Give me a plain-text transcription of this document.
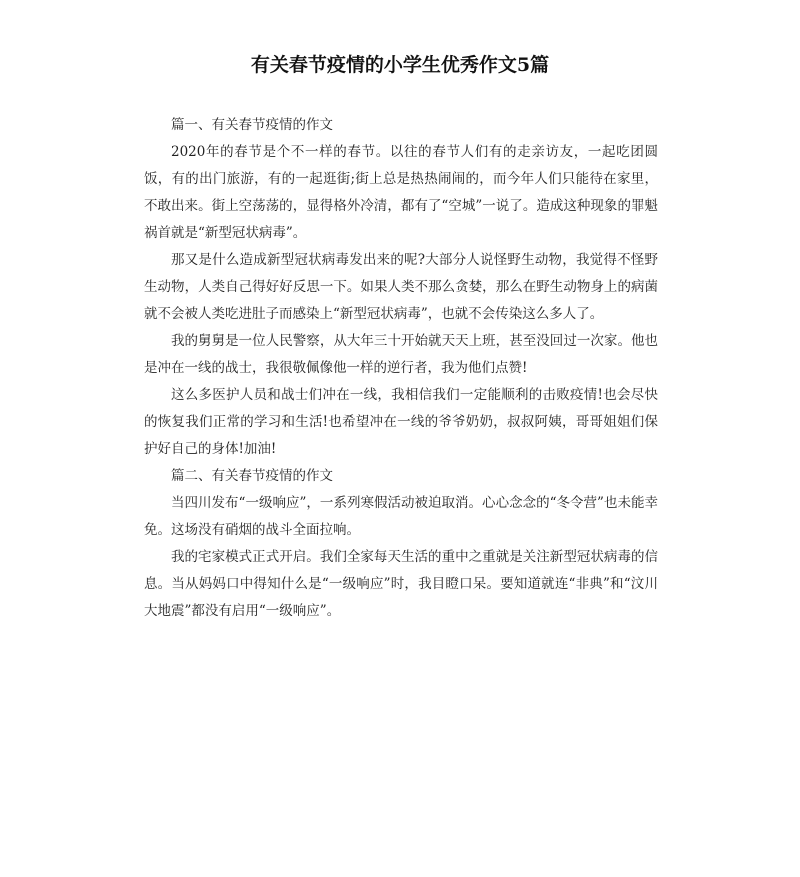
有关春节疫情的小学生优秀作文5篇

篇一、有关春节疫情的作文

2020年的春节是个不一样的春节。以往的春节人们有的走亲访友，一起吃团圆饭，有的出门旅游，有的一起逛街;街上总是热热闹闹的，而今年人们只能待在家里，不敢出来。街上空荡荡的，显得格外冷清，都有了“空城”一说了。造成这种现象的罪魁祸首就是“新型冠状病毒”。

那又是什么造成新型冠状病毒发出来的呢?大部分人说怪野生动物，我觉得不怪野生动物，人类自己得好好反思一下。如果人类不那么贪婪，那么在野生动物身上的病菌就不会被人类吃进肚子而感染上“新型冠状病毒”，也就不会传染这么多人了。

我的舅舅是一位人民警察，从大年三十开始就天天上班，甚至没回过一次家。他也是冲在一线的战士，我很敬佩像他一样的逆行者，我为他们点赞!

这么多医护人员和战士们冲在一线，我相信我们一定能顺利的击败疫情!也会尽快的恢复我们正常的学习和生活!也希望冲在一线的爷爷奶奶，叔叔阿姨，哥哥姐姐们保护好自己的身体!加油!

篇二、有关春节疫情的作文

当四川发布“一级响应”，一系列寒假活动被迫取消。心心念念的“冬令营”也未能幸免。这场没有硝烟的战斗全面拉响。

我的宅家模式正式开启。我们全家每天生活的重中之重就是关注新型冠状病毒的信息。当从妈妈口中得知什么是“一级响应”时，我目瞪口呆。要知道就连“非典”和“汶川大地震”都没有启用“一级响应”。
